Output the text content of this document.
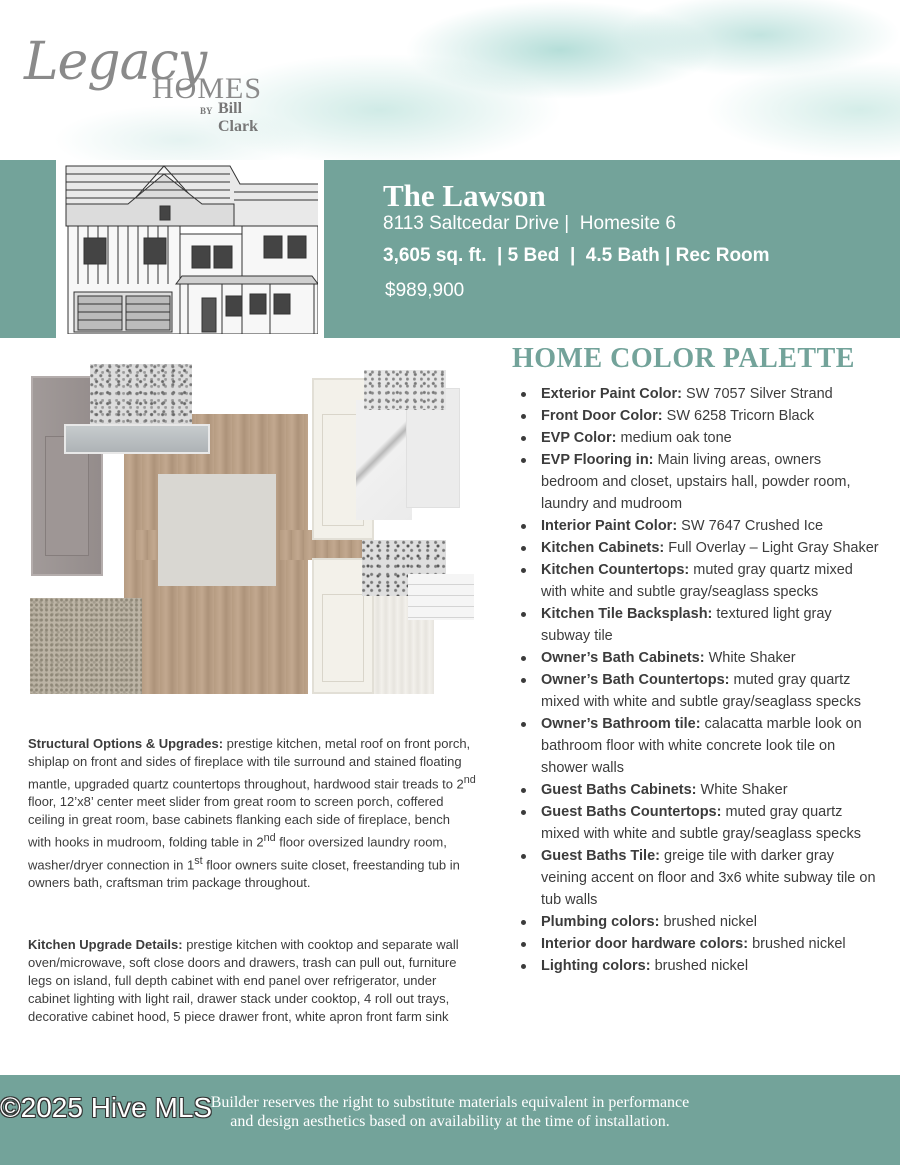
Legacy
HOMES
BY Bill Clark
The Lawson
8113 Saltcedar Drive |  Homesite 6
3,605 sq. ft.  | 5 Bed  |  4.5 Bath | Rec Room
$989,900
HOME COLOR PALETTE
Exterior Paint Color: SW 7057 Silver Strand
Front Door Color: SW 6258 Tricorn Black
EVP Color: medium oak tone
EVP Flooring in: Main living areas, owners bedroom and closet, upstairs hall, powder room, laundry and mudroom
Interior Paint Color: SW 7647 Crushed Ice
Kitchen Cabinets: Full Overlay – Light Gray Shaker
Kitchen Countertops: muted gray quartz mixed with white and subtle gray/seaglass specks
Kitchen Tile Backsplash: textured light gray subway tile
Owner’s Bath Cabinets: White Shaker
Owner’s Bath Countertops: muted gray quartz mixed with white and subtle gray/seaglass specks
Owner’s Bathroom tile: calacatta marble look on bathroom floor with white concrete look tile on shower walls
Guest Baths Cabinets: White Shaker
Guest Baths Countertops: muted gray quartz mixed with white and subtle gray/seaglass specks
Guest Baths Tile: greige tile with darker gray veining accent on floor and 3x6 white subway tile on tub walls
Plumbing colors: brushed nickel
Interior door hardware colors: brushed nickel
Lighting colors: brushed nickel
Structural Options & Upgrades: prestige kitchen, metal roof on front porch, shiplap on front and sides of fireplace with tile surround and stained floating mantle, upgraded quartz countertops throughout, hardwood stair treads to 2nd floor, 12’x8’ center meet slider from great room to screen porch, coffered ceiling in great room, base cabinets flanking each side of fireplace, bench with hooks in mudroom, folding table in 2nd floor oversized laundry room, washer/dryer connection in 1st floor owners suite closet, freestanding tub in owners bath, craftsman trim package throughout.
Kitchen Upgrade Details: prestige kitchen with cooktop and separate wall oven/microwave, soft close doors and drawers, trash can pull out, furniture legs on island, full depth cabinet with end panel over refrigerator, under cabinet lighting with light rail, drawer stack under cooktop, 4 roll out trays, decorative cabinet hood, 5 piece drawer front, white apron front farm sink
Builder reserves the right to substitute materials equivalent in performance
and design aesthetics based on availability at the time of installation.
©2025 Hive MLS
